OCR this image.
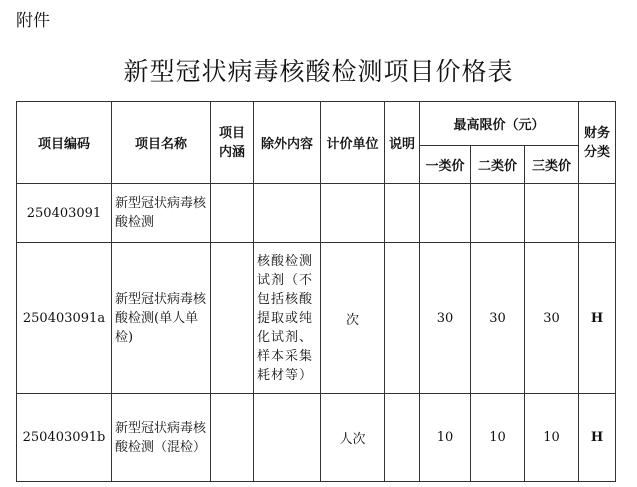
附件
新型冠状病毒核酸检测项目价格表
项目编码	项目名称	项目内涵	除外内容	计价单位	说明	最高限价（元）			财务分类
						一类价	二类价	三类价	
250403091	新型冠状病毒核酸检测								
250403091a	新型冠状病毒核酸检测(单人单检)		核酸检测试剂（不包括核酸提取或纯化试剂、样本采集耗材等）	次		30	30	30	H
250403091b	新型冠状病毒核酸检测（混检）			人次		10	10	10	H
